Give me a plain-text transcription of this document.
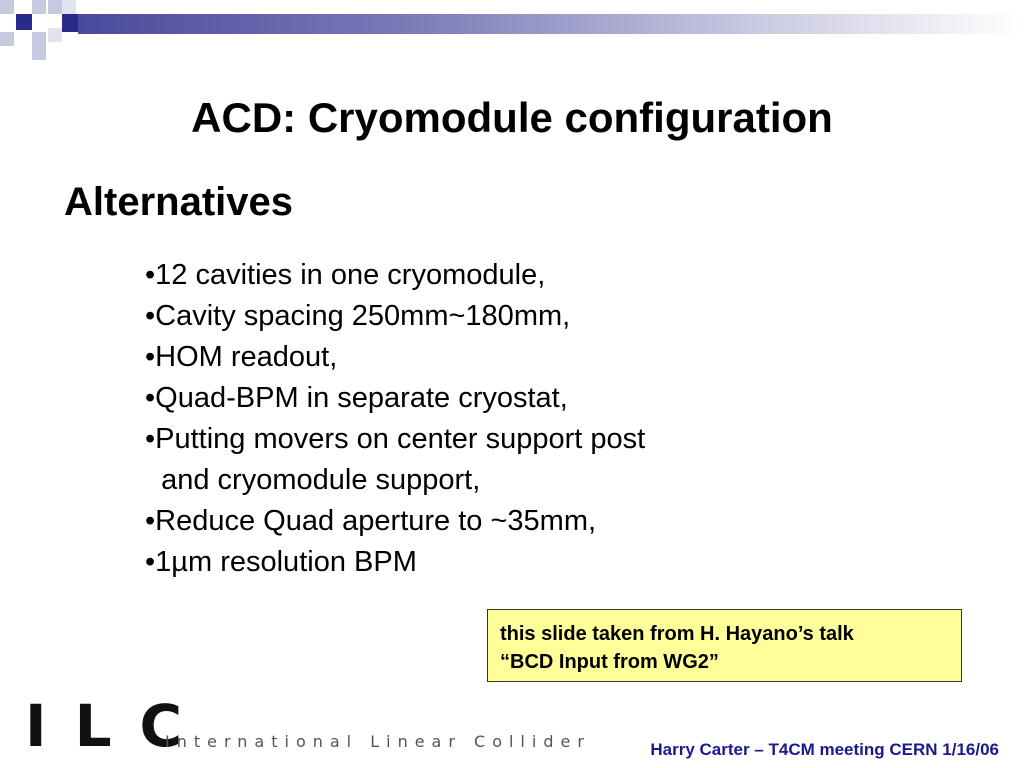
ACD: Cryomodule configuration
Alternatives
•12 cavities in one cryomodule,
•Cavity spacing 250mm~180mm,
•HOM readout,
•Quad-BPM in separate cryostat,
•Putting movers on center support post
and cryomodule support,
•Reduce Quad aperture to ~35mm,
•1µm resolution BPM
this slide taken from H. Hayano’s talk
“BCD Input from WG2”
ILC
International Linear Collider	Harry Carter – T4CM meeting CERN 1/16/06
